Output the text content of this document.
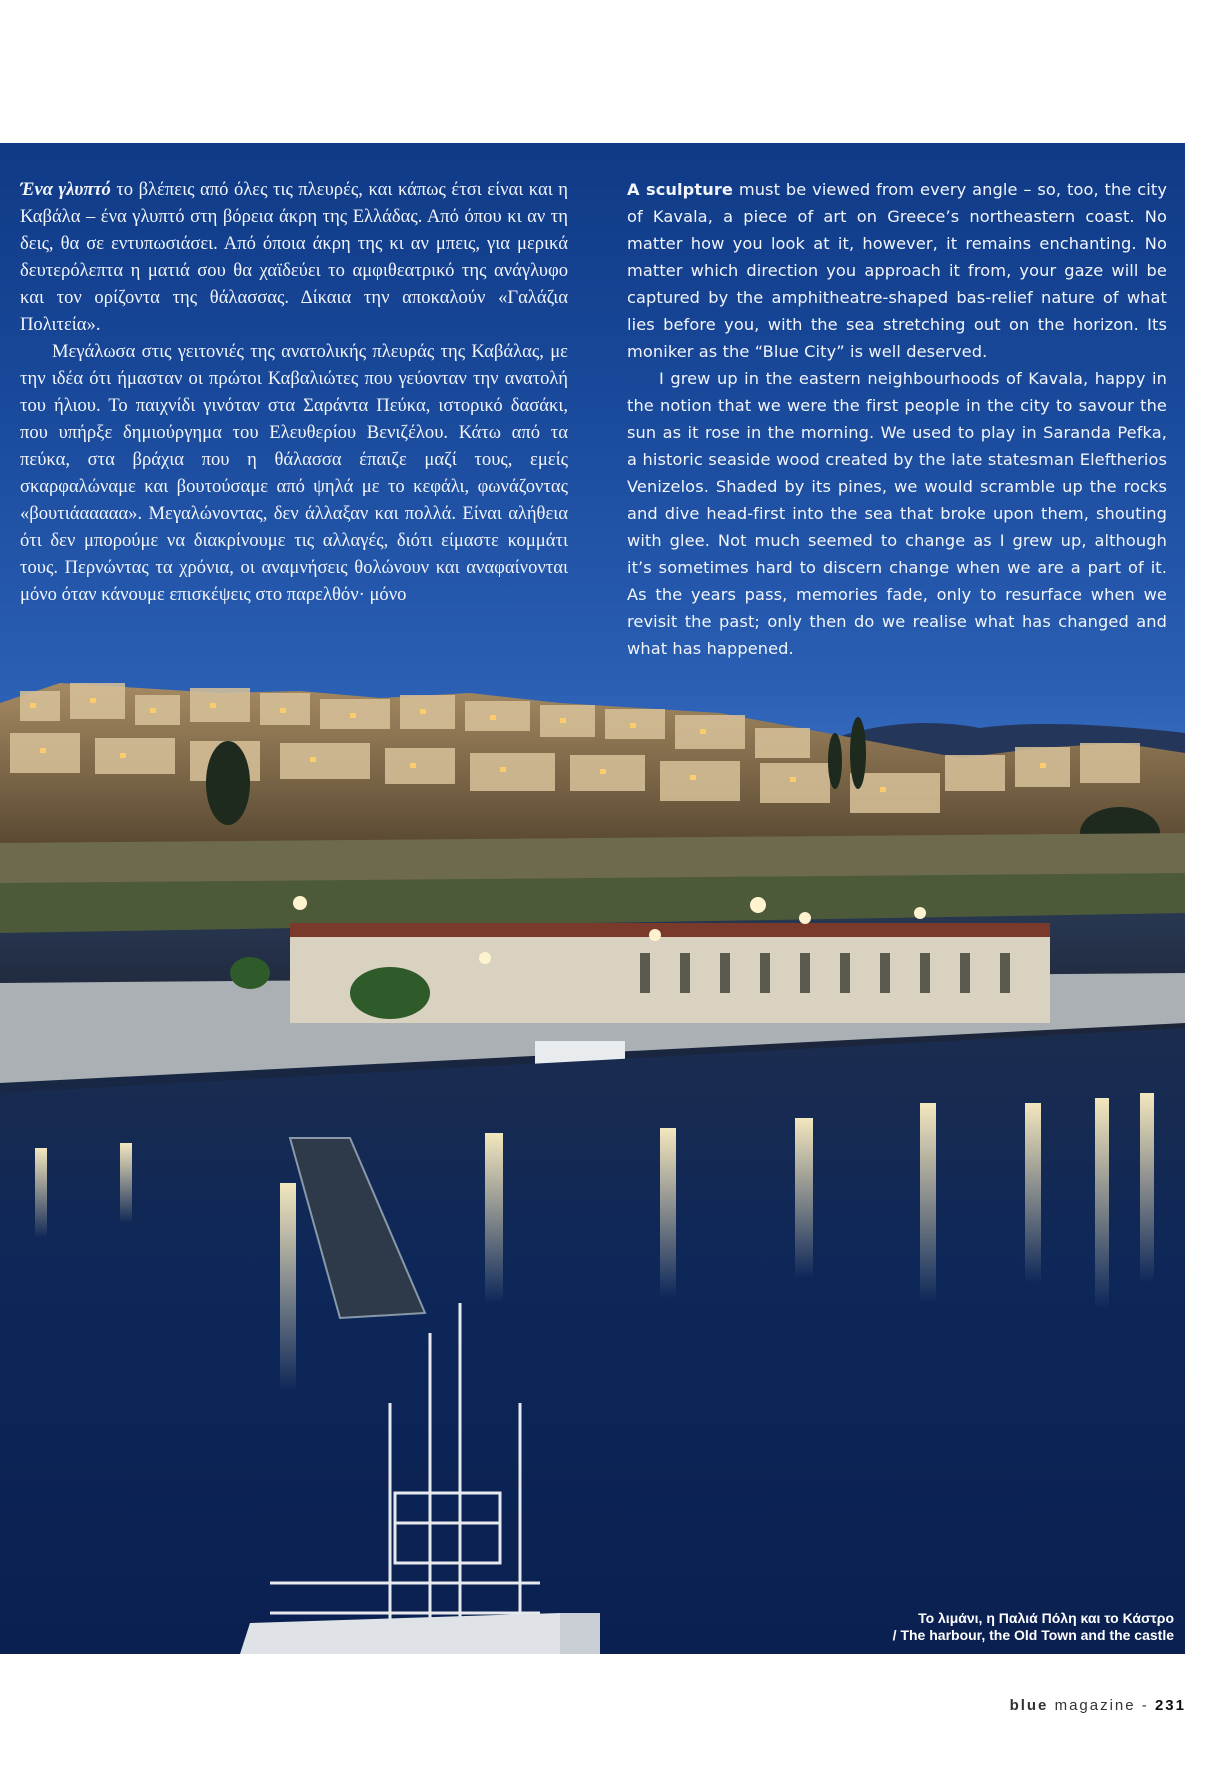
Ένα γλυπτό το βλέπεις από όλες τις πλευρές, και κάπως έτσι είναι και η Καβάλα – ένα γλυπτό στη βόρεια άκρη της Ελλάδας. Από όπου κι αν τη δεις, θα σε εντυπωσιάσει. Από όποια άκρη της κι αν μπεις, για μερικά δευτερόλεπτα η ματιά σου θα χαϊδεύει το αμφιθεατρικό της ανάγλυφο και τον ορίζοντα της θάλασσας. Δίκαια την αποκαλούν «Γαλάζια Πολιτεία».

Μεγάλωσα στις γειτονιές της ανατολικής πλευράς της Καβάλας, με την ιδέα ότι ήμασταν οι πρώτοι Καβαλιώτες που γεύονταν την ανατολή του ήλιου. Το παιχνίδι γινόταν στα Σαράντα Πεύκα, ιστορικό δασάκι, που υπήρξε δημιούργημα του Ελευθερίου Βενιζέλου. Κάτω από τα πεύκα, στα βράχια που η θάλασσα έπαιζε μαζί τους, εμείς σκαρφαλώναμε και βουτούσαμε από ψηλά με το κεφάλι, φωνάζοντας «βουτιάααααα». Μεγαλώνοντας, δεν άλλαξαν και πολλά. Είναι αλήθεια ότι δεν μπορούμε να διακρίνουμε τις αλλαγές, διότι είμαστε κομμάτι τους. Περνώντας τα χρόνια, οι αναμνήσεις θολώνουν και αναφαίνονται μόνο όταν κάνουμε επισκέψεις στο παρελθόν· μόνο

A sculpture must be viewed from every angle – so, too, the city of Kavala, a piece of art on Greece’s northeastern coast. No matter how you look at it, however, it remains enchanting. No matter which direction you approach it from, your gaze will be captured by the amphitheatre-shaped bas-relief nature of what lies before you, with the sea stretching out on the horizon. Its moniker as the “Blue City” is well deserved.

I grew up in the eastern neighbourhoods of Kavala, happy in the notion that we were the first people in the city to savour the sun as it rose in the morning. We used to play in Saranda Pefka, a historic seaside wood created by the late statesman Eleftherios Venizelos. Shaded by its pines, we would scramble up the rocks and dive head-first into the sea that broke upon them, shouting with glee. Not much seemed to change as I grew up, although it’s sometimes hard to discern change when we are a part of it. As the years pass, memories fade, only to resurface when we revisit the past; only then do we realise what has changed and what has happened.

Το λιμάνι, η Παλιά Πόλη και το Κάστρο
/ The harbour, the Old Town and the castle
blue magazine - 231
